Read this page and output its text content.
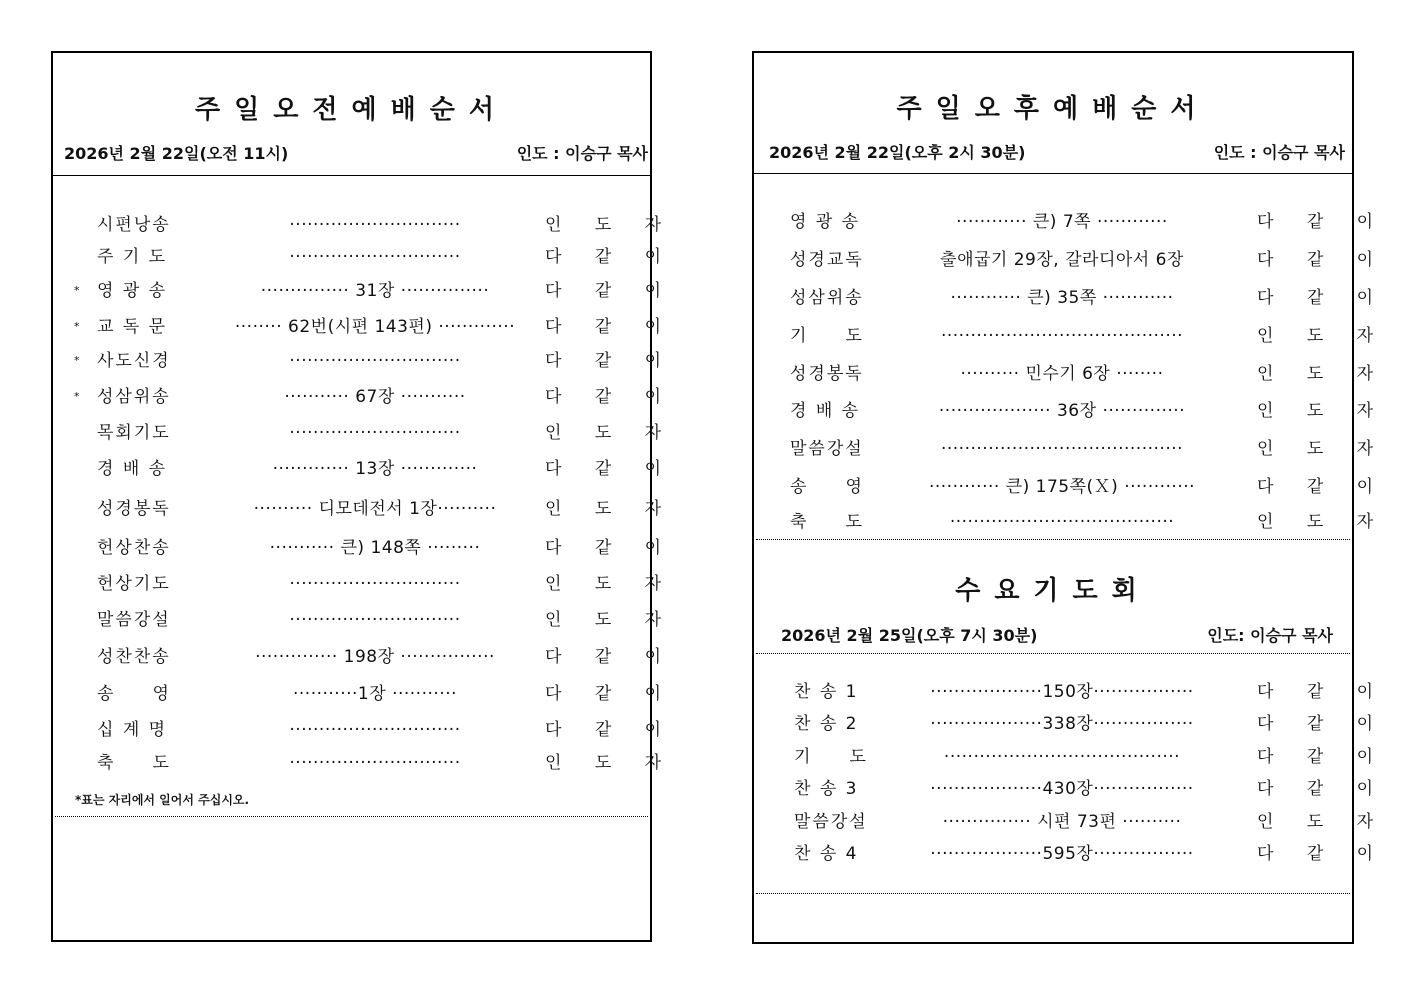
주일오전예배순서
2026년 2월 22일(오전 11시)	인도 : 이승구 목사
시편낭송	·····························	인 도 자
주 기 도	·····························	다 같 이
* 영 광 송	··············· 31장 ···············	다 같 이
* 교 독 문	········ 62번(시편 143편) ·············	다 같 이
* 사도신경	·····························	다 같 이
* 성삼위송	··········· 67장 ···········	다 같 이
목회기도	·····························	인 도 자
경 배 송	············· 13장 ·············	다 같 이
성경봉독	·········· 디모데전서 1장··········	인 도 자
헌상찬송	··········· 큰) 148쪽 ·········	다 같 이
헌상기도	·····························	인 도 자
말씀강설	·····························	인 도 자
성찬찬송	·············· 198장 ················	다 같 이
송     영	···········1장 ···········	다 같 이
십 계 명	·····························	다 같 이
축     도	·····························	인 도 자
*표는 자리에서 일어서 주십시오.
주일오후예배순서
2026년 2월 22일(오후 2시 30분)	인도 : 이승구 목사
영 광 송	············ 큰) 7쪽 ············	다 같 이
성경교독	출애굽기 29장, 갈라디아서 6장	다 같 이
성삼위송	············ 큰) 35쪽 ············	다 같 이
기     도	·········································	인 도 자
성경봉독	·········· 민수기 6장 ········	인 도 자
경 배 송	··················· 36장 ··············	인 도 자
말씀강설	·········································	인 도 자
송     영	············ 큰) 175쪽(Ｘ) ············	다 같 이
축     도	······································	인 도 자
수요기도회
2026년 2월 25일(오후 7시 30분)	인도: 이승구 목사
찬 송 1	···················150장·················	다 같 이
찬 송 2	···················338장·················	다 같 이
기     도	········································	다 같 이
찬 송 3	···················430장·················	다 같 이
말씀강설	··············· 시편 73편 ··········	인 도 자
찬 송 4	···················595장·················	다 같 이
